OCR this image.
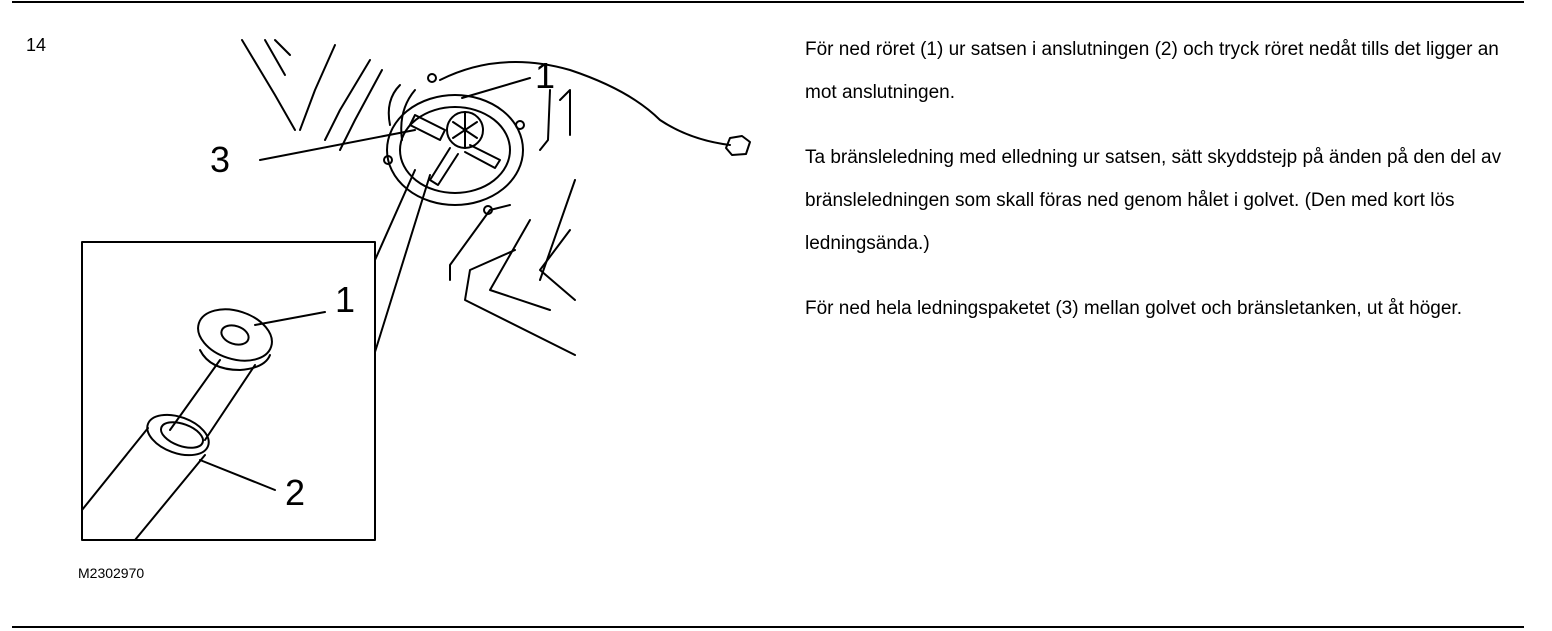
14
3
1
1
2
M2302970

För ned röret (1) ur satsen i anslutningen (2) och tryck röret nedåt tills det ligger an mot anslutningen.

Ta bränsleledning med elledning ur satsen, sätt skyddstejp på änden på den del av bränsleledningen som skall föras ned genom hålet i golvet. (Den med kort lös ledningsända.)

För ned hela ledningspaketet (3) mellan golvet och bränsletanken, ut åt höger.
